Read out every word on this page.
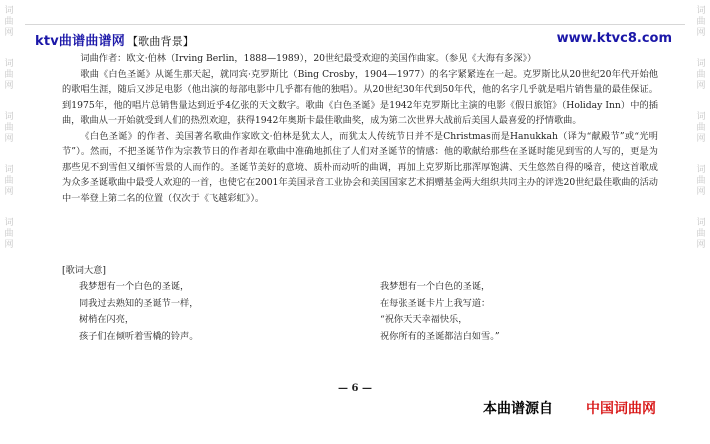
词
曲
网
词
曲
网
词
曲
网
词
曲
网
词
曲
网
词
曲
网
词
曲
网
词
曲
网
词
曲
网
词
曲
网
ktv曲谱曲谱网 【歌曲背景】	www.ktvc8.com

词曲作者：欧文·伯林（Irving Berlin，1888—1989），20世纪最受欢迎的美国作曲家。（参见《大海有多深》）

歌曲《白色圣诞》从诞生那天起，就同宾·克罗斯比（Bing Crosby，1904—1977）的名字紧紧连在一起。克罗斯比从20世纪20年代开始他的歌唱生涯，随后又涉足电影（他出演的每部电影中几乎都有他的独唱）。从20世纪30年代到50年代，他的名字几乎就是唱片销售量的最佳保证。到1975年，他的唱片总销售量达到近乎4亿张的天文数字。歌曲《白色圣诞》是1942年克罗斯比主演的电影《假日旅馆》（Holiday Inn）中的插曲，歌曲从一开始就受到人们的热烈欢迎，获得1942年奥斯卡最佳歌曲奖，成为第二次世界大战前后美国人最喜爱的抒情歌曲。

《白色圣诞》的作者、美国著名歌曲作家欧文·伯林是犹太人，而犹太人传统节日并不是Christmas而是Hanukkah（译为“献殿节”或“光明节”）。然而，不把圣诞节作为宗教节日的作者却在歌曲中准确地抓住了人们对圣诞节的情感：他的歌献给那些在圣诞时能见到雪的人写的，更是为那些见不到雪但又缅怀雪景的人而作的。圣诞节美好的意境、质朴而动听的曲调，再加上克罗斯比那浑厚饱满、天生悠然自得的嗓音，使这首歌成为众多圣诞歌曲中最受人欢迎的一首，也使它在2001年美国录音工业协会和美国国家艺术捐赠基金两大组织共同主办的评选20世纪最佳歌曲的活动中一举登上第二名的位置（仅次于《飞越彩虹》）。

[歌词大意]
我梦想有一个白色的圣诞，
同我过去熟知的圣诞节一样，
树梢在闪亮，
孩子们在倾听着雪橇的铃声。
我梦想有一个白色的圣诞，
在每张圣诞卡片上我写道：
“祝你天天幸福快乐，
祝你所有的圣诞都洁白如雪。”
— 6 —
本曲谱源自 中国词曲网
